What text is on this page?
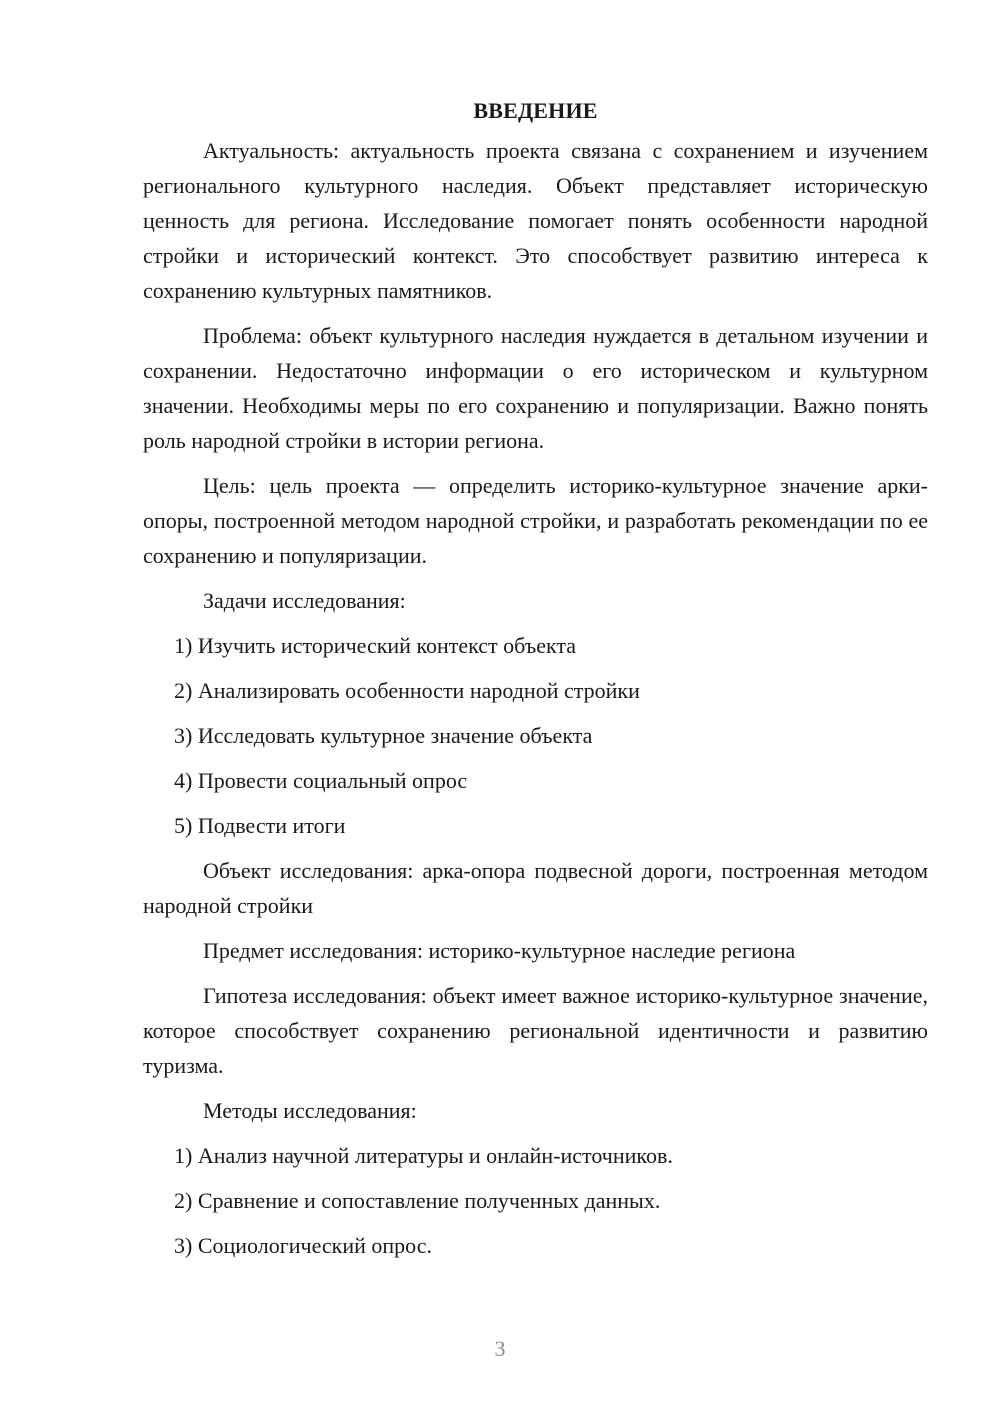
ВВЕДЕНИЕ

Актуальность: актуальность проекта связана с сохранением и изучением регионального культурного наследия. Объект представляет историческую ценность для региона. Исследование помогает понять особенности народной стройки и исторический контекст. Это способствует развитию интереса к сохранению культурных памятников.

Проблема: объект культурного наследия нуждается в детальном изучении и сохранении. Недостаточно информации о его историческом и культурном значении. Необходимы меры по его сохранению и популяризации. Важно понять роль народной стройки в истории региона.

Цель: цель проекта — определить историко-культурное значение арки-опоры, построенной методом народной стройки, и разработать рекомендации по ее сохранению и популяризации.

Задачи исследования:

1) Изучить исторический контекст объекта
2) Анализировать особенности народной стройки
3) Исследовать культурное значение объекта
4) Провести социальный опрос
5) Подвести итоги

Объект исследования: арка-опора подвесной дороги, построенная методом народной стройки

Предмет исследования: историко-культурное наследие региона

Гипотеза исследования: объект имеет важное историко-культурное значение, которое способствует сохранению региональной идентичности и развитию туризма.

Методы исследования:

1) Анализ научной литературы и онлайн-источников.
2) Сравнение и сопоставление полученных данных.
3) Социологический опрос.
3
